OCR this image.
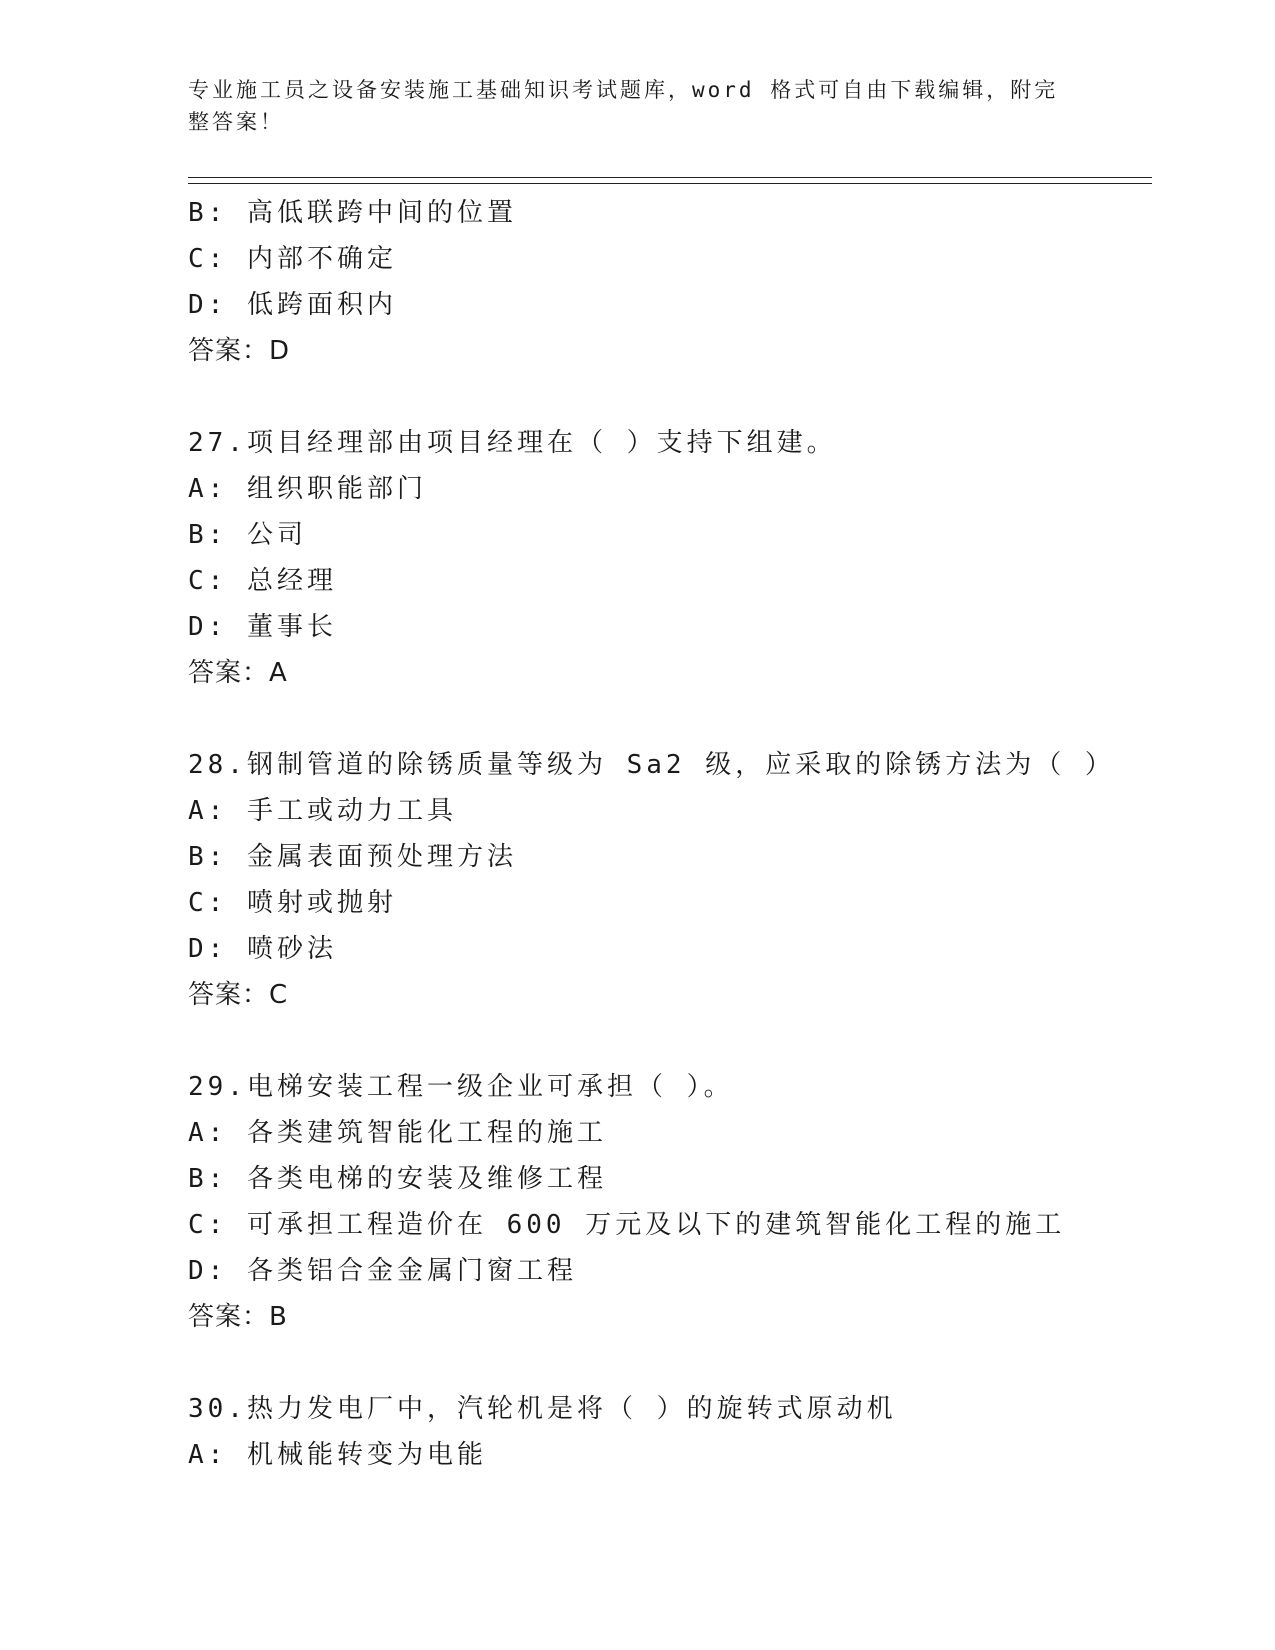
专业施工员之设备安装施工基础知识考试题库，word 格式可自由下载编辑，附完整答案！
B: 高低联跨中间的位置
C: 内部不确定
D: 低跨面积内
答案：D
27.项目经理部由项目经理在（ ）支持下组建。
A: 组织职能部门
B: 公司
C: 总经理
D: 董事长
答案：A
28.钢制管道的除锈质量等级为 Sa2 级，应采取的除锈方法为（ ）
A: 手工或动力工具
B: 金属表面预处理方法
C: 喷射或抛射
D: 喷砂法
答案：C
29.电梯安装工程一级企业可承担（ ）。
A: 各类建筑智能化工程的施工
B: 各类电梯的安装及维修工程
C: 可承担工程造价在 600 万元及以下的建筑智能化工程的施工
D: 各类铝合金金属门窗工程
答案：B
30.热力发电厂中，汽轮机是将（ ）的旋转式原动机
A: 机械能转变为电能
